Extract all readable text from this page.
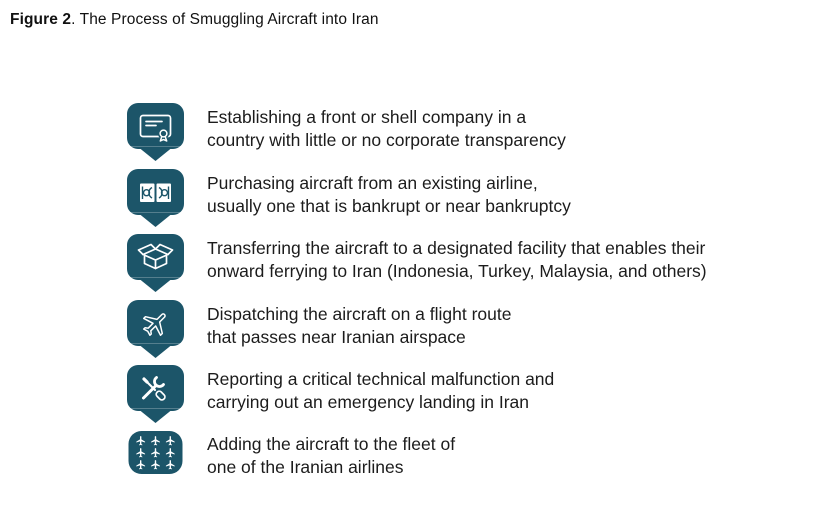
Figure 2. The Process of Smuggling Aircraft into Iran
Establishing a front or shell company in a
country with little or no corporate transparency
Purchasing aircraft from an existing airline,
usually one that is bankrupt or near bankruptcy
Transferring the aircraft to a designated facility that enables their
onward ferrying to Iran (Indonesia, Turkey, Malaysia, and others)
Dispatching the aircraft on a flight route
that passes near Iranian airspace
Reporting a critical technical malfunction and
carrying out an emergency landing in Iran
Adding the aircraft to the fleet of
one of the Iranian airlines
